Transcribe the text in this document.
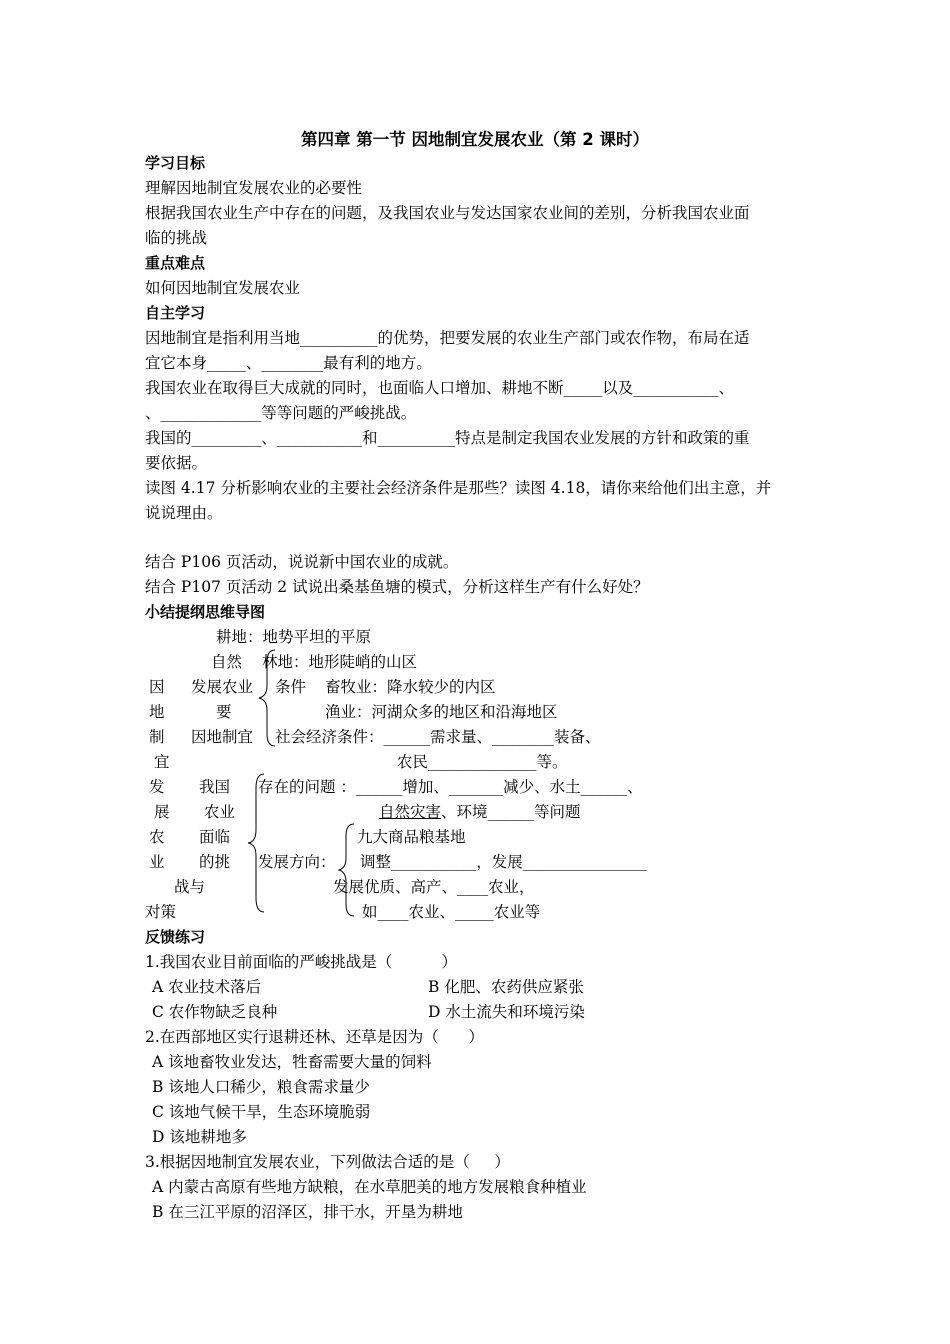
第四章 第一节 因地制宜发展农业（第 2 课时）
学习目标
理解因地制宜发展农业的必要性
根据我国农业生产中存在的问题，及我国农业与发达国家农业间的差别，分析我国农业面
临的挑战
重点难点
如何因地制宜发展农业
自主学习
因地制宜是指利用当地__________的优势，把要发展的农业生产部门或农作物，布局在适
宜它本身_____、________最有利的地方。
我国农业在取得巨大成就的同时，也面临人口增加、耕地不断_____以及___________、
、_____________等等问题的严峻挑战。
我国的_________、___________和__________特点是制定我国农业发展的方针和政策的重
要依据。
读图 4.17 分析影响农业的主要社会经济条件是那些？读图 4.18，请你来给他们出主意，并
说说理由。
结合 P106 页活动，说说新中国农业的成就。
结合 P107 页活动 2 试说出桑基鱼塘的模式，分析这样生产有什么好处？
小结提纲思维导图
因
地
制
宜
发
展
农
业
发展农业
要
因地制宜
自然
条件
耕地：地势平坦的平原
林地：地形陡峭的山区
畜牧业：降水较少的内区
渔业：河湖众多的地区和沿海地区
社会经济条件：______需求量、________装备、
农民______________等。
我国
农业
面临
的挑
战与
对策
存在的问题 ：______增加、_______减少、水土______、
自然灾害、环境______等问题
发展方向：
九大商品粮基地
调整___________，发展________________
发展优质、高产、____农业，
如____农业、_____农业等
反馈练习
1.我国农业目前面临的严峻挑战是（          ）
A 农业技术落后	B 化肥、农药供应紧张
C 农作物缺乏良种	D 水土流失和环境污染
2.在西部地区实行退耕还林、还草是因为（      ）
A 该地畜牧业发达，牲畜需要大量的饲料
B 该地人口稀少，粮食需求量少
C 该地气候干旱，生态环境脆弱
D 该地耕地多
3.根据因地制宜发展农业，下列做法合适的是（     ）
A 内蒙古高原有些地方缺粮，在水草肥美的地方发展粮食种植业
B 在三江平原的沼泽区，排干水，开垦为耕地
